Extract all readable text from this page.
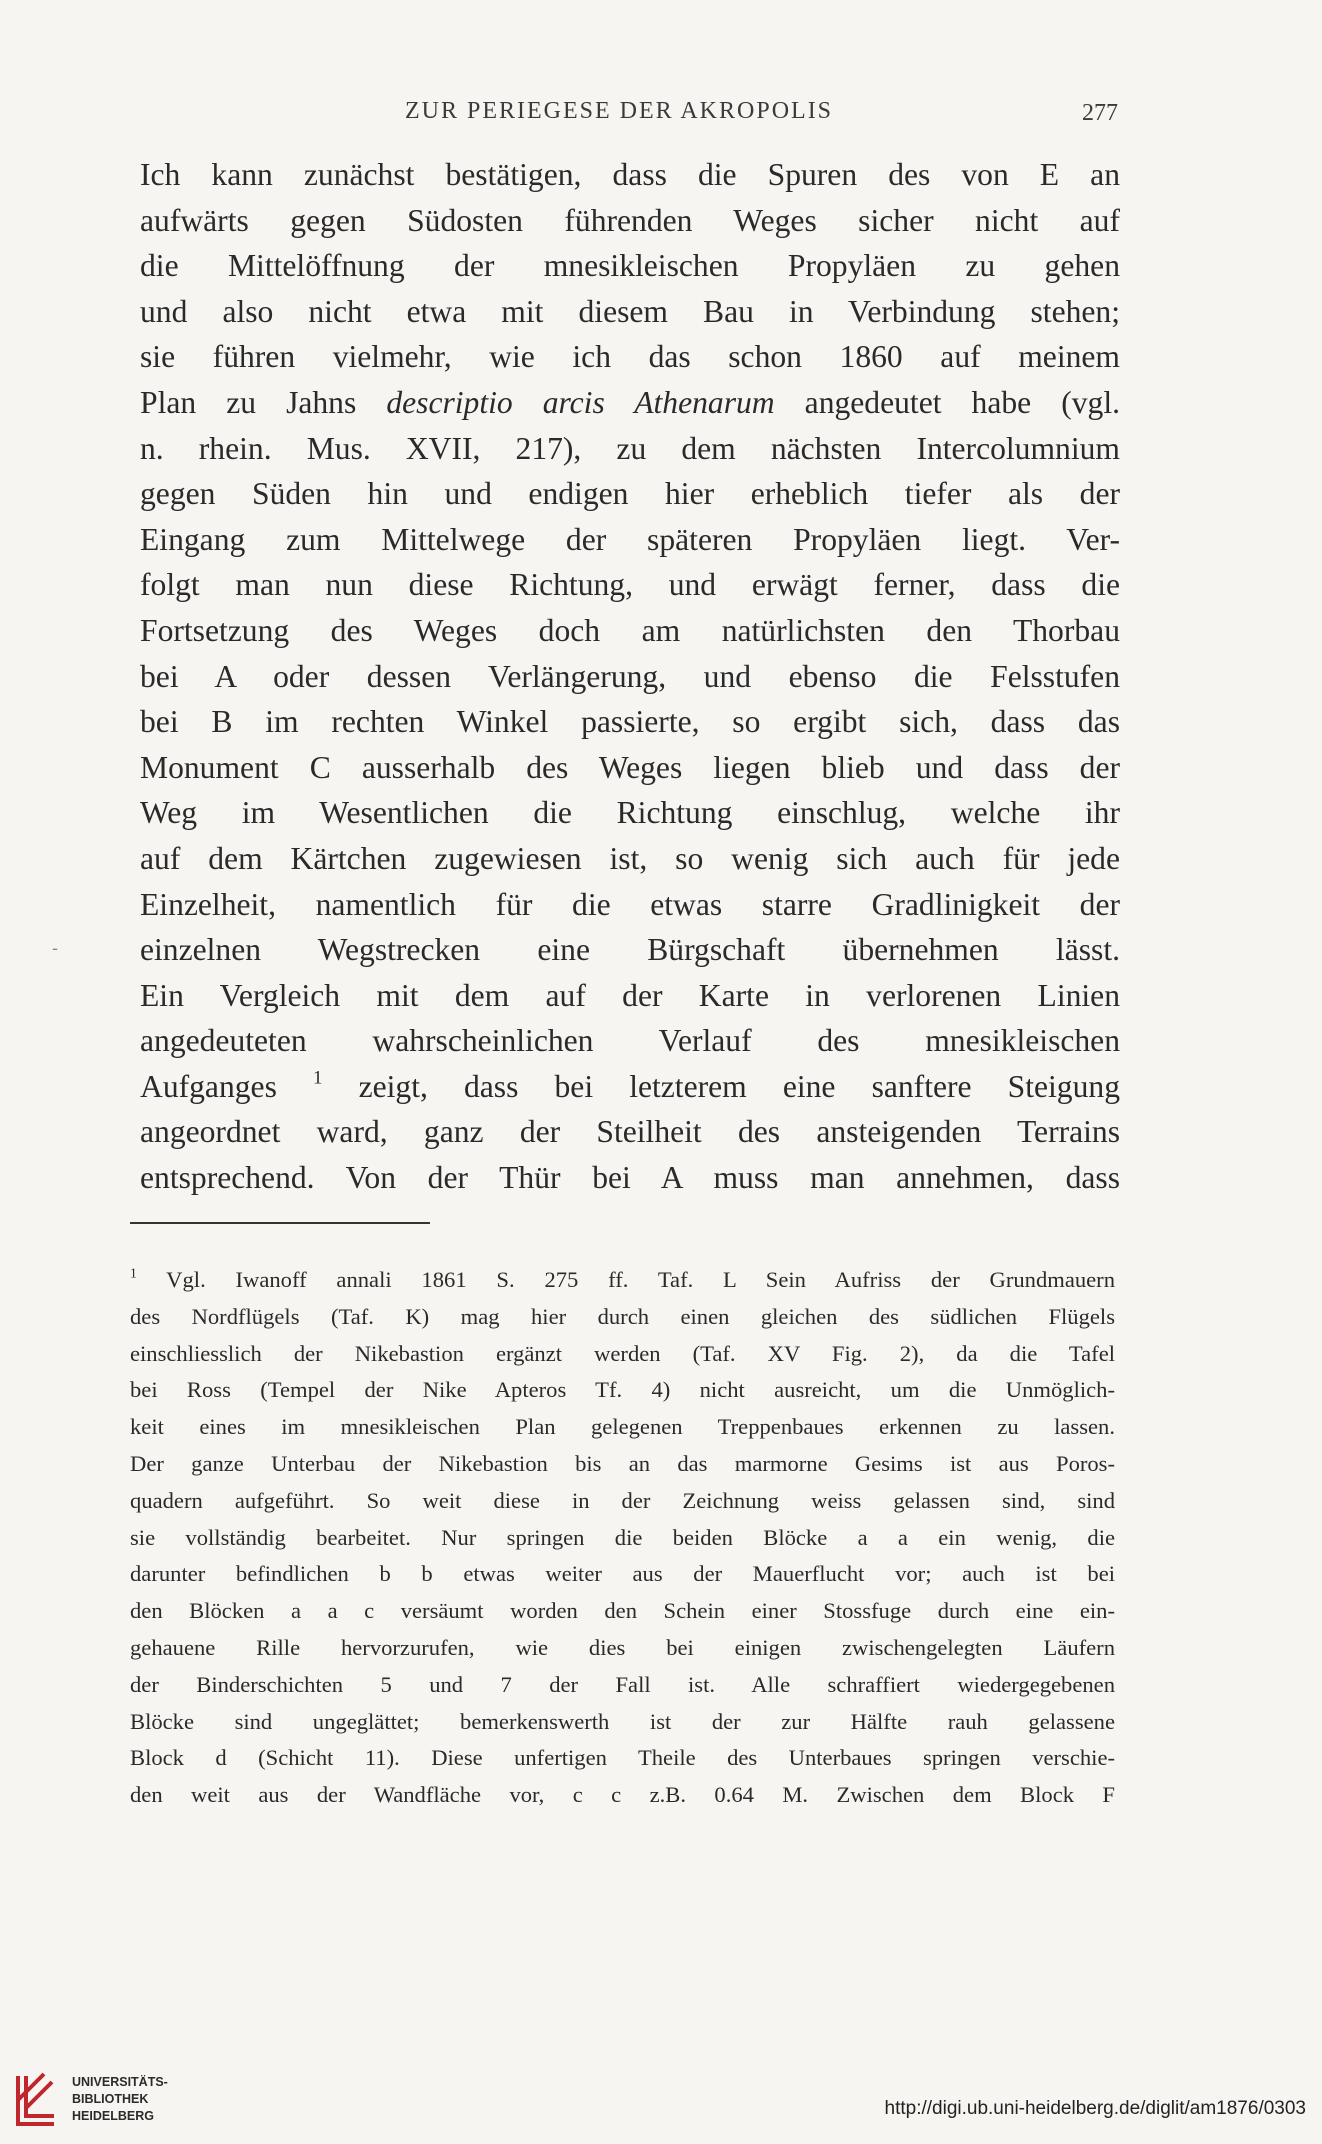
ZUR PERIEGESE DER AKROPOLIS	277
-
Ich kann zunächst bestätigen, dass die Spuren des von E an
aufwärts gegen Südosten führenden Weges sicher nicht auf
die Mittelöffnung der mnesikleischen Propyläen zu gehen
und also nicht etwa mit diesem Bau in Verbindung stehen;
sie führen vielmehr, wie ich das schon 1860 auf meinem
Plan zu Jahns descriptio arcis Athenarum angedeutet habe (vgl.
n. rhein. Mus. XVII, 217), zu dem nächsten Intercolumnium
gegen Süden hin und endigen hier erheblich tiefer als der
Eingang zum Mittelwege der späteren Propyläen liegt. Ver-
folgt man nun diese Richtung, und erwägt ferner, dass die
Fortsetzung des Weges doch am natürlichsten den Thorbau
bei A oder dessen Verlängerung, und ebenso die Felsstufen
bei B im rechten Winkel passierte, so ergibt sich, dass das
Monument C ausserhalb des Weges liegen blieb und dass der
Weg im Wesentlichen die Richtung einschlug, welche ihr
auf dem Kärtchen zugewiesen ist, so wenig sich auch für jede
Einzelheit, namentlich für die etwas starre Gradlinigkeit der
einzelnen Wegstrecken eine Bürgschaft übernehmen lässt.
Ein Vergleich mit dem auf der Karte in verlorenen Linien
angedeuteten wahrscheinlichen Verlauf des mnesikleischen
Aufganges $^1$ zeigt, dass bei letzterem eine sanftere Steigung
angeordnet ward, ganz der Steilheit des ansteigenden Terrains
entsprechend. Von der Thür bei A muss man annehmen, dass
$^1$ Vgl. Iwanoff annali 1861 S. 275 ff. Taf. L Sein Aufriss der Grundmauern
des Nordflügels (Taf. K) mag hier durch einen gleichen des südlichen Flügels
einschliesslich der Nikebastion ergänzt werden (Taf. XV Fig. 2), da die Tafel
bei Ross (Tempel der Nike Apteros Tf. 4) nicht ausreicht, um die Unmöglich-
keit eines im mnesikleischen Plan gelegenen Treppenbaues erkennen zu lassen.
Der ganze Unterbau der Nikebastion bis an das marmorne Gesims ist aus Poros-
quadern aufgeführt. So weit diese in der Zeichnung weiss gelassen sind, sind
sie vollständig bearbeitet. Nur springen die beiden Blöcke a a ein wenig, die
darunter befindlichen b b etwas weiter aus der Mauerflucht vor; auch ist bei
den Blöcken a a c versäumt worden den Schein einer Stossfuge durch eine ein-
gehauene Rille hervorzurufen, wie dies bei einigen zwischengelegten Läufern
der Binderschichten 5 und 7 der Fall ist. Alle schraffiert wiedergegebenen
Blöcke sind ungeglättet; bemerkenswerth ist der zur Hälfte rauh gelassene
Block d (Schicht 11). Diese unfertigen Theile des Unterbaues springen verschie-
den weit aus der Wandfläche vor, c c z.B. 0.64 M. Zwischen dem Block F
UNIVERSITÄTS-
BIBLIOTHEK
HEIDELBERG	http://digi.ub.uni-heidelberg.de/diglit/am1876/0303
